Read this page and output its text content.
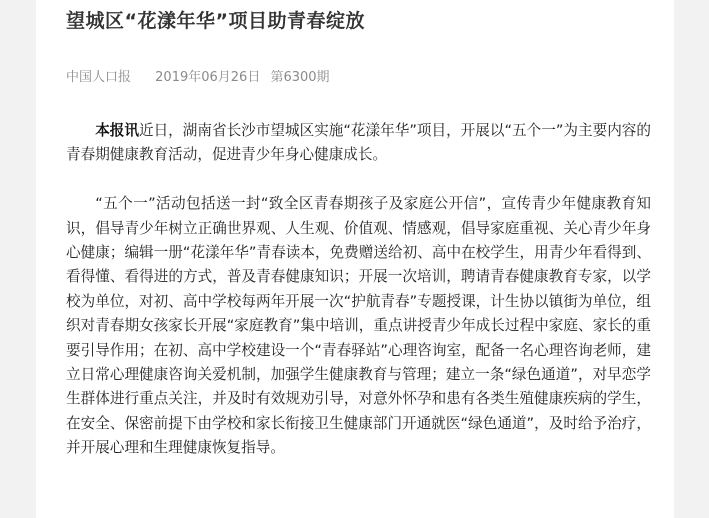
望城区“花漾年华”项目助青春绽放
中国人口报 2019年06月26日 第6300期

本报讯近日，湖南省长沙市望城区实施“花漾年华”项目，开展以“五个一”为主要内容的青春期健康教育活动，促进青少年身心健康成长。

“五个一”活动包括送一封“致全区青春期孩子及家庭公开信”，宣传青少年健康教育知识，倡导青少年树立正确世界观、人生观、价值观、情感观，倡导家庭重视、关心青少年身心健康；编辑一册“花漾年华”青春读本，免费赠送给初、高中在校学生，用青少年看得到、看得懂、看得进的方式，普及青春健康知识；开展一次培训，聘请青春健康教育专家，以学校为单位，对初、高中学校每两年开展一次“护航青春”专题授课，计生协以镇街为单位，组织对青春期女孩家长开展“家庭教育”集中培训，重点讲授青少年成长过程中家庭、家长的重要引导作用；在初、高中学校建设一个“青春驿站”心理咨询室，配备一名心理咨询老师，建立日常心理健康咨询关爱机制，加强学生健康教育与管理；建立一条“绿色通道”，对早恋学生群体进行重点关注，并及时有效规劝引导，对意外怀孕和患有各类生殖健康疾病的学生，在安全、保密前提下由学校和家长衔接卫生健康部门开通就医“绿色通道”，及时给予治疗，并开展心理和生理健康恢复指导。
